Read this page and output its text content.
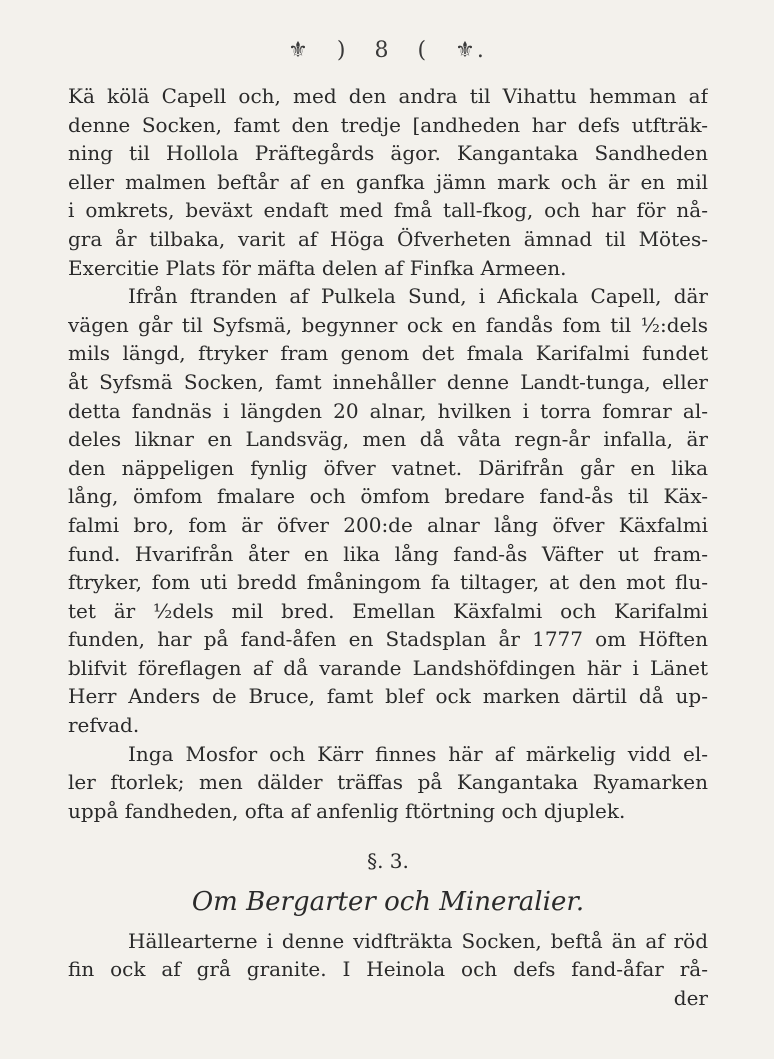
⚜ ) 8 ( ⚜.
Kä kölä Capell och, med den andra til Vihattu hemman af
denne Socken, famt den tredje [andheden har defs utfträk-
ning til Hollola Präftegårds ägor. Kangantaka Sandheden
eller malmen beftår af en ganfka jämn mark och är en mil
i omkrets, beväxt endaft med fmå tall-fkog, och har för nå-
gra år tilbaka, varit af Höga Öfverheten ämnad til Mötes-
Exercitie Plats för mäfta delen af Finfka Armeen.
Ifrån ftranden af Pulkela Sund, i Afickala Capell, där
vägen går til Syfsmä, begynner ock en fandås fom til ½:dels
mils längd, ftryker fram genom det fmala Karifalmi fundet
åt Syfsmä Socken, famt innehåller denne Landt-tunga, eller
detta fandnäs i längden 20 alnar, hvilken i torra fomrar al-
deles liknar en Landsväg, men då våta regn-år infalla, är
den näppeligen fynlig öfver vatnet. Därifrån går en lika
lång, ömfom fmalare och ömfom bredare fand-ås til Käx-
falmi bro, fom är öfver 200:de alnar lång öfver Käxfalmi
fund. Hvarifrån åter en lika lång fand-ås Väfter ut fram-
ftryker, fom uti bredd fmåningom fa tiltager, at den mot flu-
tet är ½dels mil bred. Emellan Käxfalmi och Karifalmi
funden, har på fand-åfen en Stadsplan år 1777 om Höften
blifvit föreflagen af då varande Landshöfdingen här i Länet
Herr Anders de Bruce, famt blef ock marken därtil då up-
refvad.
Inga Mosfor och Kärr finnes här af märkelig vidd el-
ler ftorlek; men dälder träffas på Kangantaka Ryamarken
uppå fandheden, ofta af anfenlig ftörtning och djuplek.
§. 3.
Om Bergarter och Mineralier.
Hällearterne i denne vidfträkta Socken, beftå än af röd
fin ock af grå granite. I Heinola och defs fand-åfar rå-
der
